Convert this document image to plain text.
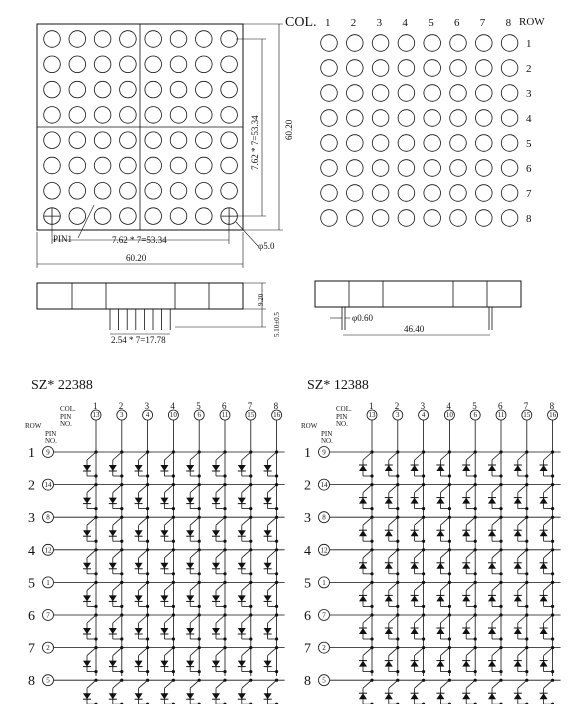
PIN1
7.62 * 7=53.34	60.20
7.62 * 7=53.34
60.20
φ5.0
2.54 * 7=17.78
9.20
5.10±0.5	φ0.60
46.40
COL.	ROW
1 2 3 4 5 6 7 8
1
2
3
4
5
6
7
8
SZ* 22388
COL.
PIN
NO.
ROW
PIN
NO.
1
13
2
3
3
4
4
10
5
6
6
11
7
15
8
16
1 9
2 14
3 8
4 12
5 1
6 7
7 2
8 5
SZ* 12388
COL.
PIN
NO.
ROW
PIN
NO.
1
13
2
3
3
4
4
10
5
6
6
11
7
15
8
16
1 9
2 14
3 8
4 12
5 1
6 7
7 2
8 5
